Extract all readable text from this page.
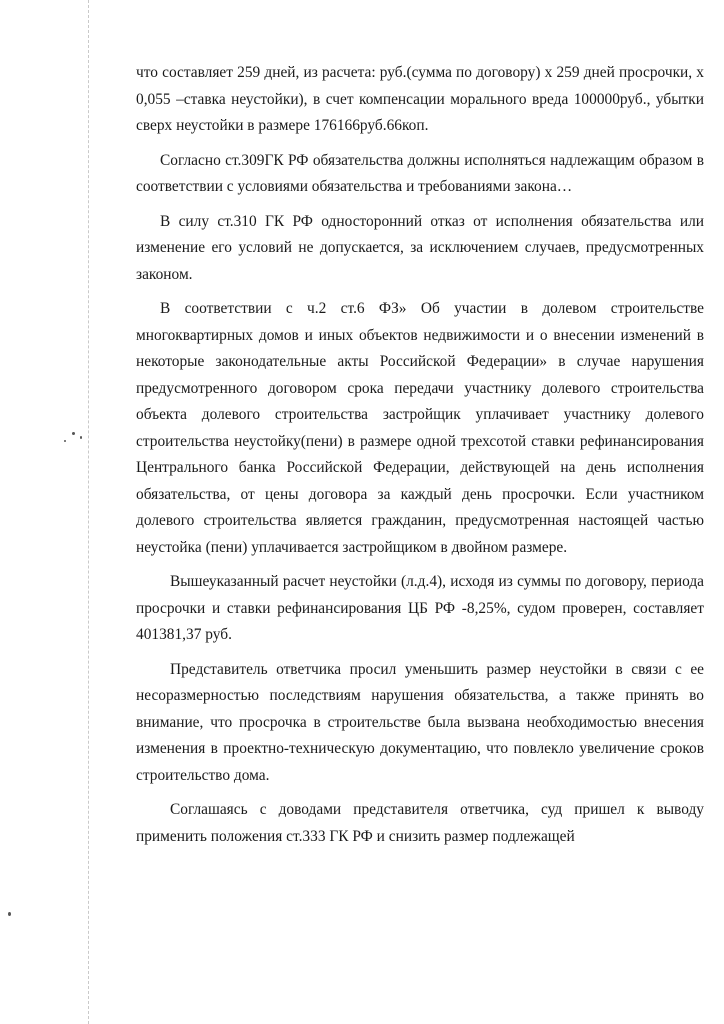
что составляет 259 дней, из расчета: руб.(сумма по договору) x 259 дней просрочки, x 0,055 –ставка неустойки), в счет компенсации морального вреда 100000руб., убытки сверх неустойки в размере 176166руб.66коп.

Согласно ст.309ГК РФ обязательства должны исполняться надлежащим образом в соответствии с условиями обязательства и требованиями закона…

В силу ст.310 ГК РФ односторонний отказ от исполнения обязательства или изменение его условий не допускается, за исключением случаев, предусмотренных законом.

В соответствии с ч.2 ст.6 ФЗ» Об участии в долевом строительстве многоквартирных домов и иных объектов недвижимости и о внесении изменений в некоторые законодательные акты Российской Федерации» в случае нарушения предусмотренного договором срока передачи участнику долевого строительства объекта долевого строительства застройщик уплачивает участнику долевого строительства неустойку(пени) в размере одной трехсотой ставки рефинансирования Центрального банка Российской Федерации, действующей на день исполнения обязательства, от цены договора за каждый день просрочки. Если участником долевого строительства является гражданин, предусмотренная настоящей частью неустойка (пени) уплачивается застройщиком в двойном размере.

Вышеуказанный расчет неустойки (л.д.4), исходя из суммы по договору, периода просрочки и ставки рефинансирования ЦБ РФ -8,25%, судом проверен, составляет 401381,37 руб.

Представитель ответчика просил уменьшить размер неустойки в связи с ее несоразмерностью последствиям нарушения обязательства, а также принять во внимание, что просрочка в строительстве была вызвана необходимостью внесения изменения в проектно-техническую документацию, что повлекло увеличение сроков строительство дома.

Соглашаясь с доводами представителя ответчика, суд пришел к выводу применить положения ст.333 ГК РФ и снизить размер подлежащей
